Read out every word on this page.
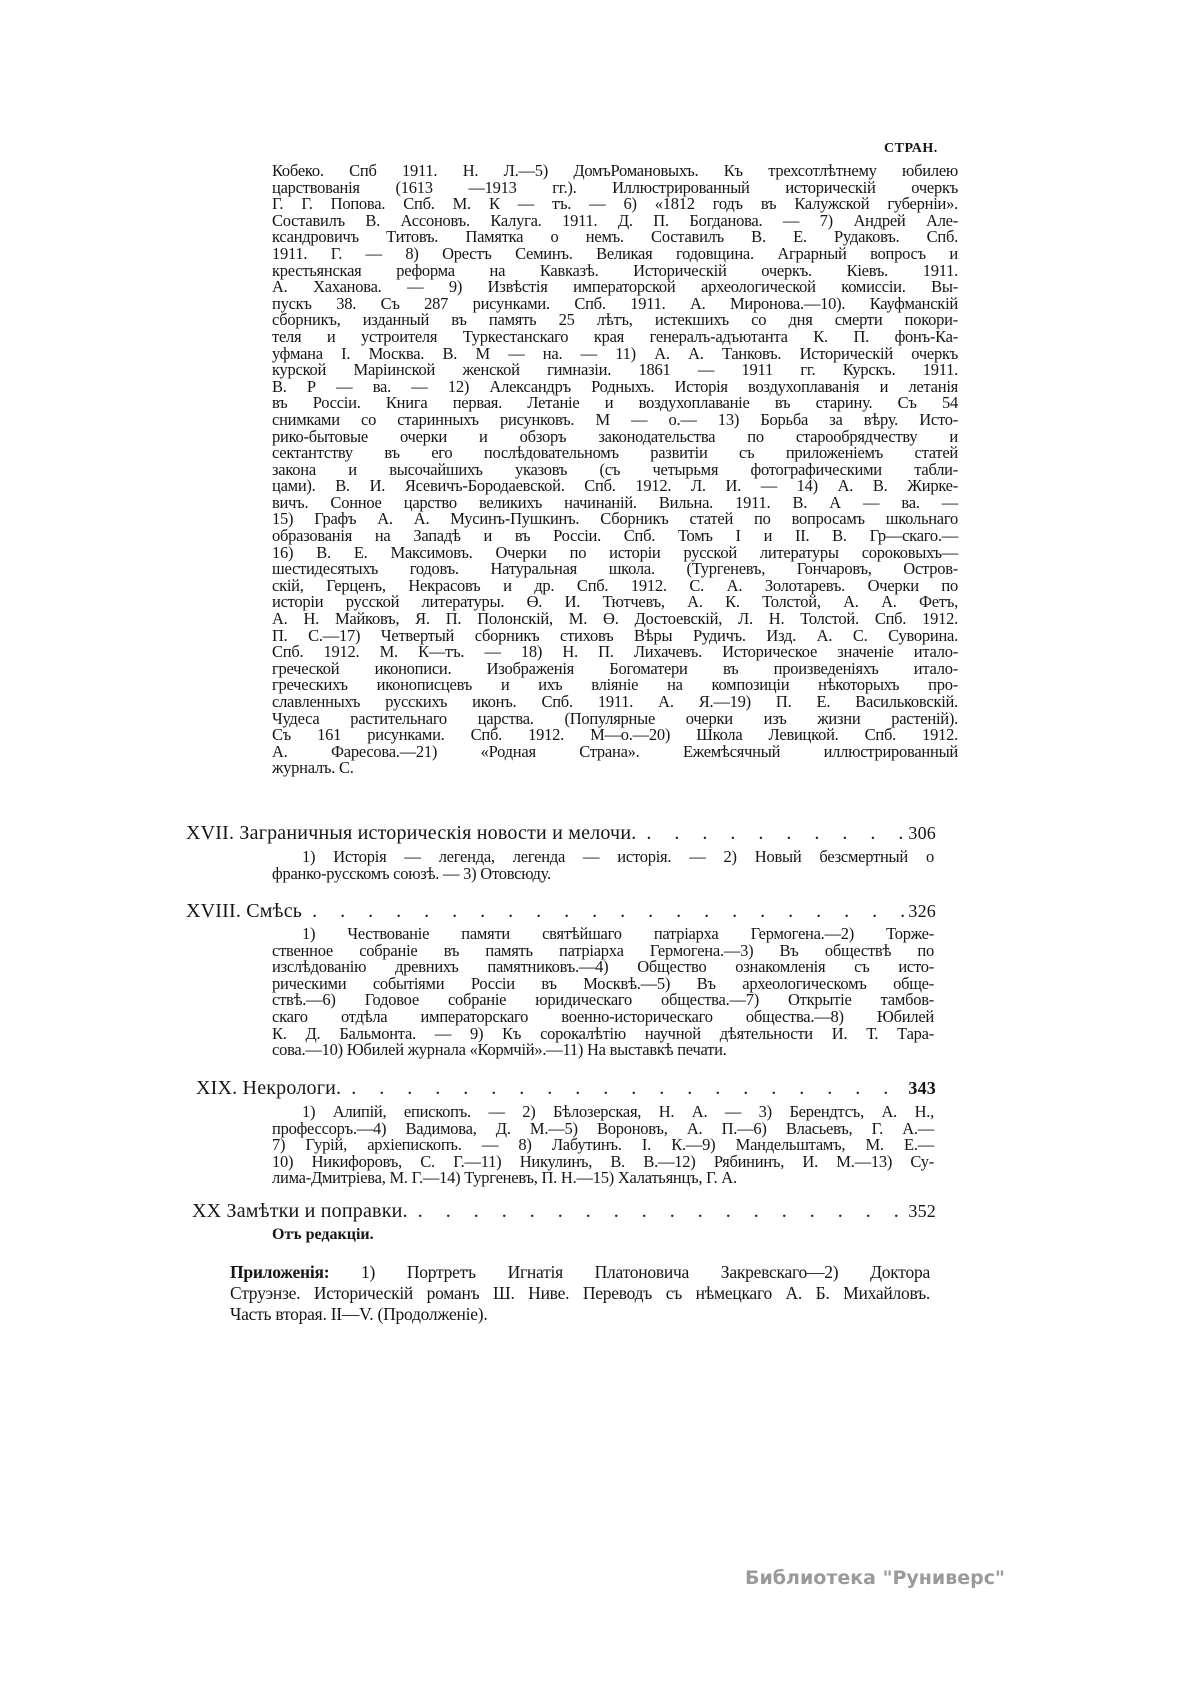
СТРАН.
Кобеко. Спб 1911. Н. Л.—5) ДомъРомановыхъ. Къ трехсотлѣтнему юбилею
царствованія (1613 —1913 гг.). Иллюстрированный историческій очеркъ
Г. Г. Попова. Спб. М. К — тъ. — 6) «1812 годъ въ Калужской губерніи».
Составилъ В. Ассоновъ. Калуга. 1911. Д. П. Богданова. — 7) Андрей Але-
ксандровичъ Титовъ. Памятка о немъ. Составилъ В. Е. Рудаковъ. Спб.
1911. Г. — 8) Орестъ Семинъ. Великая годовщина. Аграрный вопросъ и
крестьянская реформа на Кавказѣ. Историческій очеркъ. Кіевъ. 1911.
А. Хаханова. — 9) Извѣстія императорской археологической комиссіи. Вы-
пускъ 38. Съ 287 рисунками. Спб. 1911. А. Миронова.—10). Кауфманскій
сборникъ, изданный въ память 25 лѣтъ, истекшихъ со дня смерти покори-
теля и устроителя Туркестанскаго края генералъ-адъютанта К. П. фонъ-Ка-
уфмана I. Москва. В. М — на. — 11) А. А. Танковъ. Историческій очеркъ
курской Маріинской женской гимназіи. 1861 — 1911 гг. Курскъ. 1911.
В. Р — ва. — 12) Александръ Родныхъ. Исторія воздухоплаванія и летанія
въ Россіи. Книга первая. Летаніе и воздухоплаваніе въ старину. Съ 54
снимками со старинныхъ рисунковъ. М — о.— 13) Борьба за вѣру. Исто-
рико-бытовые очерки и обзоръ законодательства по старообрядчеству и
сектантству въ его послѣдовательномъ развитіи съ приложеніемъ статей
закона и высочайшихъ указовъ (съ четырьмя фотографическими табли-
цами). В. И. Ясевичъ-Бородаевской. Спб. 1912. Л. И. — 14) А. В. Жирке-
вичъ. Сонное царство великихъ начинаній. Вильна. 1911. В. А — ва. —
15) Графъ А. А. Мусинъ-Пушкинъ. Сборникъ статей по вопросамъ школьнаго
образованія на Западѣ и въ Россіи. Спб. Томъ I и II. В. Гр—скаго.—
16) В. Е. Максимовъ. Очерки по исторіи русской литературы сороковыхъ—
шестидесятыхъ годовъ. Натуральная школа. (Тургеневъ, Гончаровъ, Остров-
скій, Герценъ, Некрасовъ и др. Спб. 1912. С. А. Золотаревъ. Очерки по
исторіи русской литературы. Ө. И. Тютчевъ, А. К. Толстой, А. А. Фетъ,
А. Н. Майковъ, Я. П. Полонскій, М. Ө. Достоевскій, Л. Н. Толстой. Спб. 1912.
П. С.—17) Четвертый сборникъ стиховъ Вѣры Рудичъ. Изд. А. С. Суворина.
Спб. 1912. М. К—тъ. — 18) Н. П. Лихачевъ. Историческое значеніе итало-
греческой иконописи. Изображенія Богоматери въ произведеніяхъ итало-
греческихъ иконописцевъ и ихъ вліяніе на композиціи нѣкоторыхъ про-
славленныхъ русскихъ иконъ. Спб. 1911. А. Я.—19) П. Е. Васильковскій.
Чудеса растительнаго царства. (Популярные очерки изъ жизни растеній).
Съ 161 рисунками. Спб. 1912. М—о.—20) Школа Левицкой. Спб. 1912.
А. Фаресова.—21) «Родная Страна». Ежемѣсячный иллюстрированный
журналъ. С.
XVII. Заграничныя историческія новости и мелочи. . . .	306
1) Исторія — легенда, легенда — исторія. — 2) Новый безсмертный о
франко-русскомъ союзѣ. — 3) Отовсюду.
XVIII. Смѣсь . . .	326
1) Чествованіе памяти святѣйшаго патріарха Гермогена.—2) Торже-
ственное собраніе въ память патріарха Гермогена.—3) Въ обществѣ по
изслѣдованію древнихъ памятниковъ.—4) Общество ознакомленія съ исто-
рическими событіями Россіи въ Москвѣ.—5) Въ археологическомъ обще-
ствѣ.—6) Годовое собраніе юридическаго общества.—7) Открытіе тамбов-
скаго отдѣла императорскаго военно-историческаго общества.—8) Юбилей
К. Д. Бальмонта. — 9) Къ сорокалѣтію научной дѣятельности И. Т. Тара-
сова.—10) Юбилей журнала «Кормчій».—11) На выставкѣ печати.
XIX. Некрологи. . . .	343
1) Алипій, епископъ. — 2) Бѣлозерская, Н. А. — 3) Берендтсъ, А. Н.,
профессоръ.—4) Вадимова, Д. М.—5) Вороновъ, А. П.—6) Власьевъ, Г. А.—
7) Гурій, архіепископъ. — 8) Лабутинъ. І. К.—9) Мандельштамъ, М. Е.—
10) Никифоровъ, С. Г.—11) Никулинъ, В. В.—12) Рябининъ, И. М.—13) Су-
лима-Дмитріева, М. Г.—14) Тургеневъ, П. Н.—15) Халатьянцъ, Г. А.
XX Замѣтки и поправки. . . .	352
Отъ редакціи.
Приложенія: 1) Портретъ Игнатія Платоновича Закревскаго—2) Доктора
Струэнзе. Историческій романъ Ш. Ниве. Переводъ съ нѣмецкаго А. Б. Михайловъ.
Часть вторая. II—V. (Продолженіе).
Библиотека "Руниверс"
